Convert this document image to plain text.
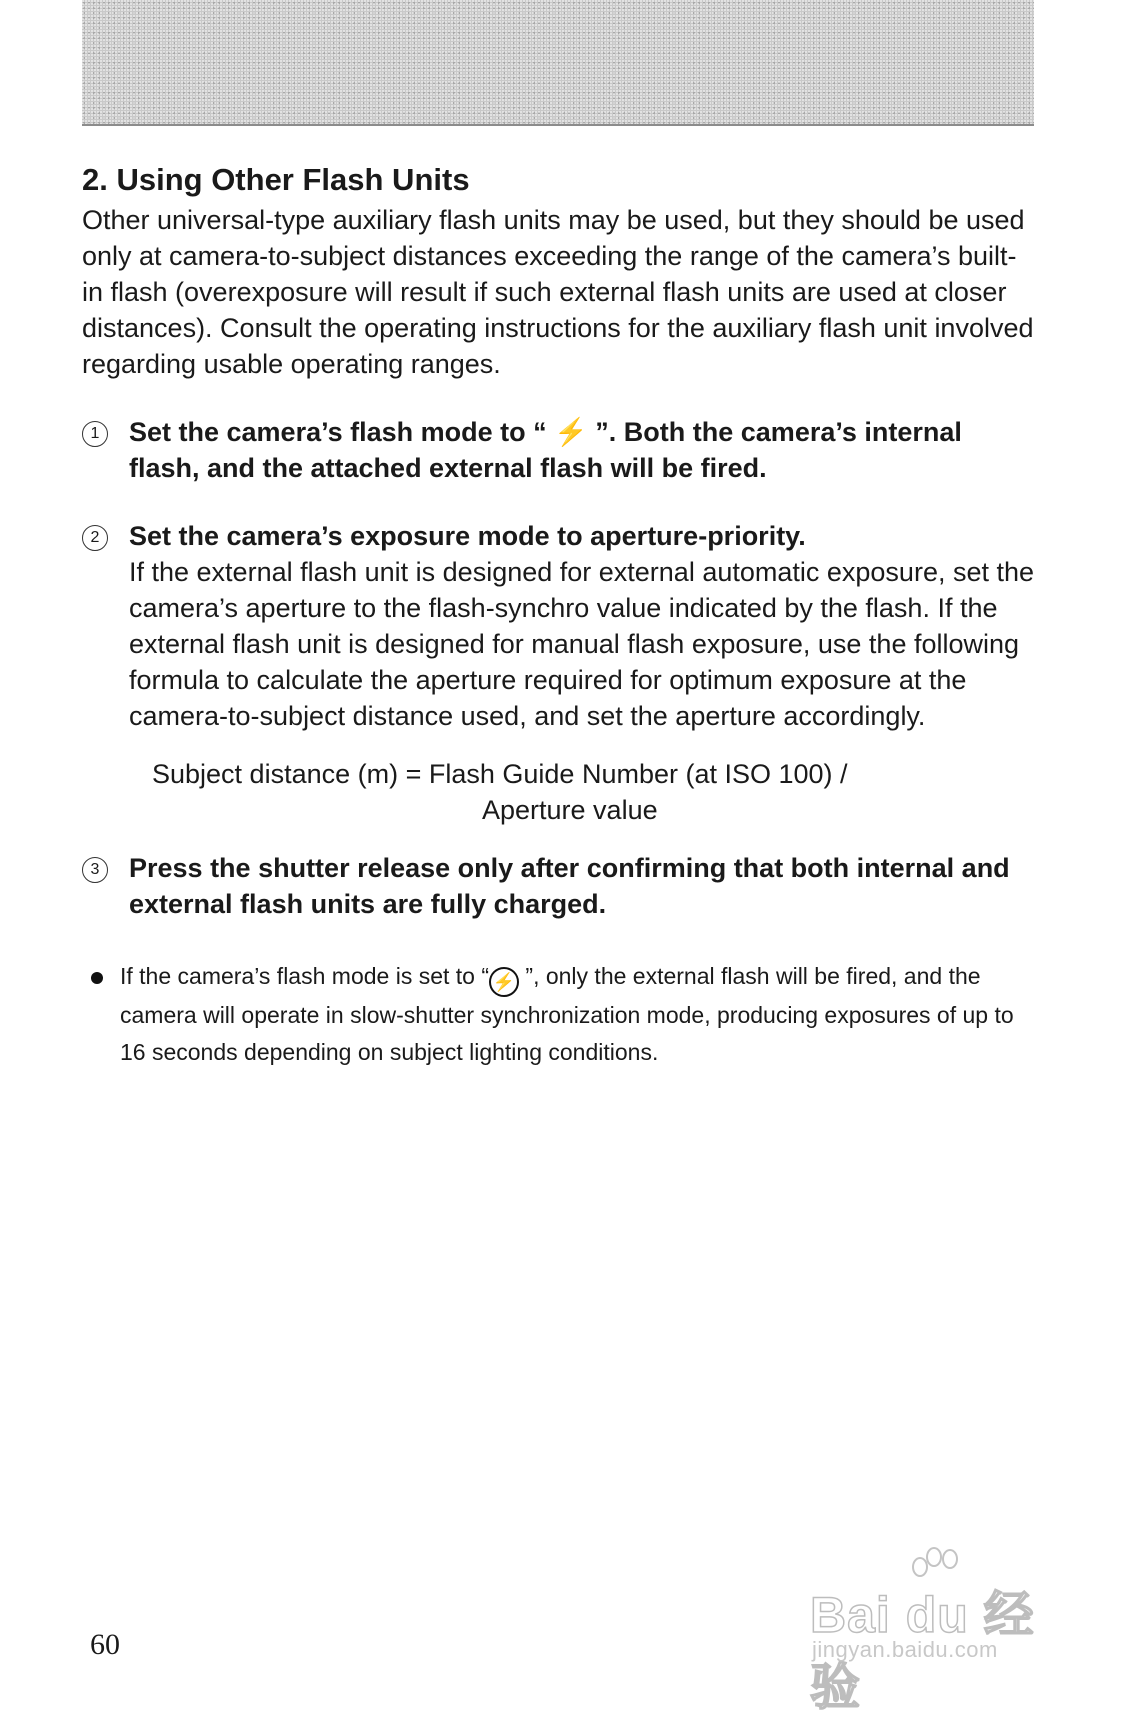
2. Using Other Flash Units

Other universal-type auxiliary flash units may be used, but they should be used only at camera-to-subject distances exceeding the range of the camera’s built-in flash (overexposure will result if such external flash units are used at closer distances). Consult the operating instructions for the auxiliary flash unit involved regarding usable operating ranges.

1	Set the camera’s flash mode to “ ⚡ ”. Both the camera’s internal flash, and the attached external flash will be fired.

2	Set the camera’s exposure mode to aperture-priority.

If the external flash unit is designed for external automatic exposure, set the camera’s aperture to the flash-synchro value indicated by the flash. If the external flash unit is designed for manual flash exposure, use the following formula to calculate the aperture required for optimum exposure at the camera-to-subject distance used, and set the aperture accordingly.

Subject distance (m) = Flash Guide Number (at ISO 100) /
Aperture value
3	Press the shutter release only after confirming that both internal and external flash units are fully charged.

If the camera’s flash mode is set to “ ⚡ ”, only the external flash will be fired, and the camera will operate in slow-shutter synchronization mode, producing exposures of up to 16 seconds depending on subject lighting conditions.
60
Bai du 经验
jingyan.baidu.com
